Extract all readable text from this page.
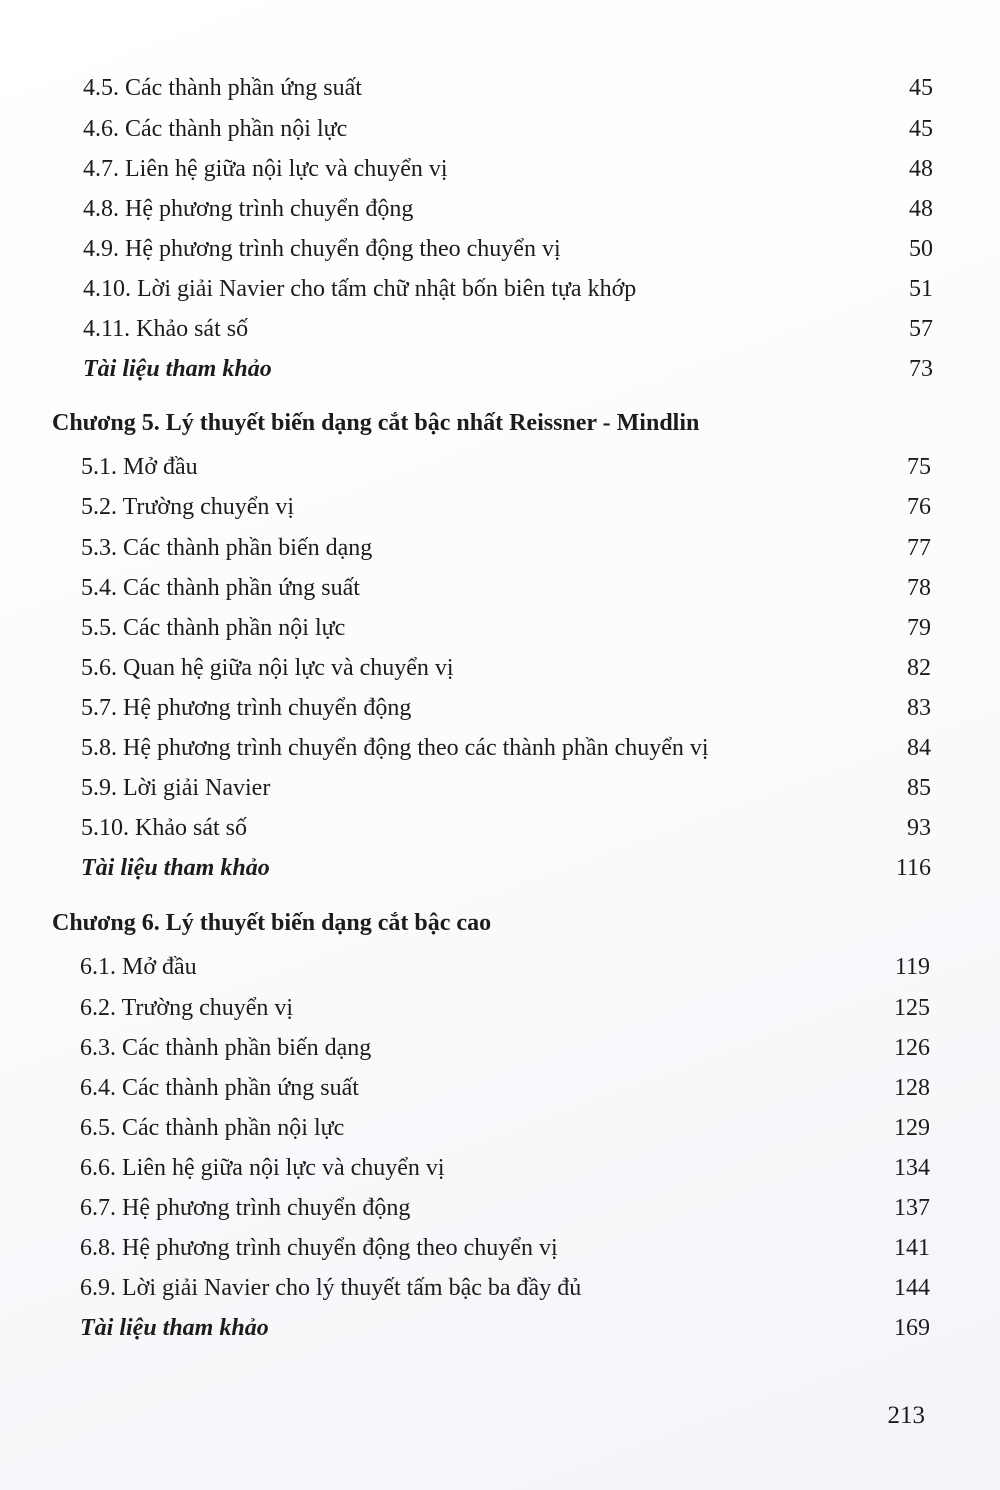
4.5. Các thành phần ứng suất	45
4.6. Các thành phần nội lực	45
4.7. Liên hệ giữa nội lực và chuyển vị	48
4.8. Hệ phương trình chuyển động	48
4.9. Hệ phương trình chuyển động theo chuyển vị	50
4.10. Lời giải Navier cho tấm chữ nhật bốn biên tựa khớp	51
4.11. Khảo sát số	57
Tài liệu tham khảo	73
Chương 5. Lý thuyết biến dạng cắt bậc nhất Reissner - Mindlin
5.1. Mở đầu	75
5.2. Trường chuyển vị	76
5.3. Các thành phần biến dạng	77
5.4. Các thành phần ứng suất	78
5.5. Các thành phần nội lực	79
5.6. Quan hệ giữa nội lực và chuyển vị	82
5.7. Hệ phương trình chuyển động	83
5.8. Hệ phương trình chuyển động theo các thành phần chuyển vị	84
5.9. Lời giải Navier	85
5.10. Khảo sát số	93
Tài liệu tham khảo	116
Chương 6. Lý thuyết biến dạng cắt bậc cao
6.1. Mở đầu	119
6.2. Trường chuyển vị	125
6.3. Các thành phần biến dạng	126
6.4. Các thành phần ứng suất	128
6.5. Các thành phần nội lực	129
6.6. Liên hệ giữa nội lực và chuyển vị	134
6.7. Hệ phương trình chuyển động	137
6.8. Hệ phương trình chuyển động theo chuyển vị	141
6.9. Lời giải Navier cho lý thuyết tấm bậc ba đầy đủ	144
Tài liệu tham khảo	169
213
